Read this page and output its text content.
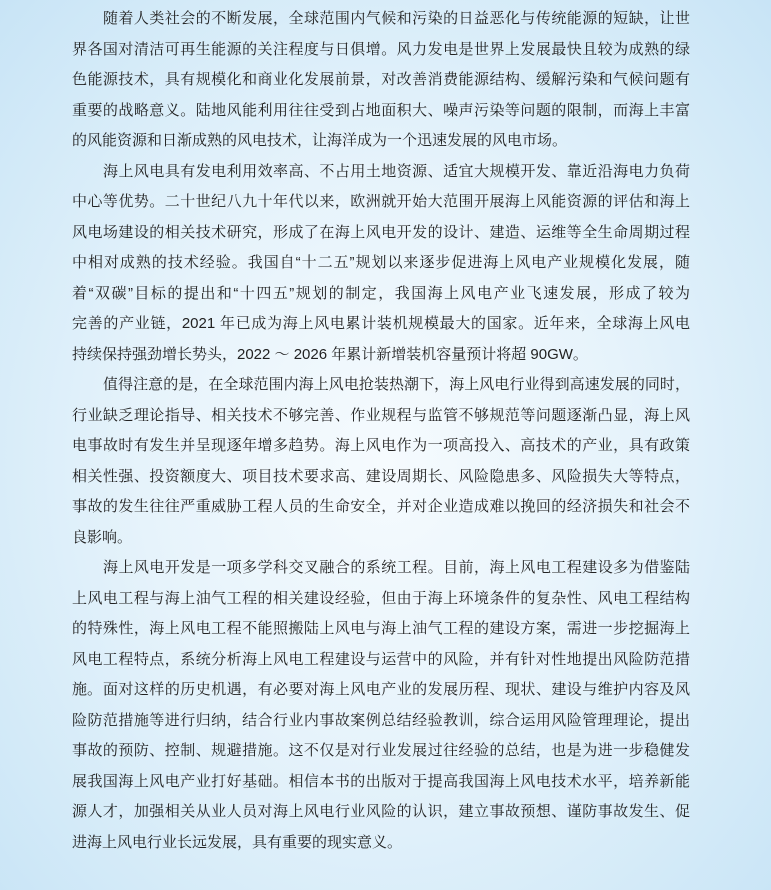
随着人类社会的不断发展，全球范围内气候和污染的日益恶化与传统能源的短缺，让世
界各国对清洁可再生能源的关注程度与日俱增。风力发电是世界上发展最快且较为成熟的绿
色能源技术，具有规模化和商业化发展前景，对改善消费能源结构、缓解污染和气候问题有
重要的战略意义。陆地风能利用往往受到占地面积大、噪声污染等问题的限制，而海上丰富
的风能资源和日渐成熟的风电技术，让海洋成为一个迅速发展的风电市场。
海上风电具有发电利用效率高、不占用土地资源、适宜大规模开发、靠近沿海电力负荷
中心等优势。二十世纪八九十年代以来，欧洲就开始大范围开展海上风能资源的评估和海上
风电场建设的相关技术研究，形成了在海上风电开发的设计、建造、运维等全生命周期过程
中相对成熟的技术经验。我国自“十二五”规划以来逐步促进海上风电产业规模化发展，随
着“双碳”目标的提出和“十四五”规划的制定，我国海上风电产业飞速发展，形成了较为
完善的产业链，2021 年已成为海上风电累计装机规模最大的国家。近年来，全球海上风电
持续保持强劲增长势头，2022 ～ 2026 年累计新增装机容量预计将超 90GW。
值得注意的是，在全球范围内海上风电抢装热潮下，海上风电行业得到高速发展的同时，
行业缺乏理论指导、相关技术不够完善、作业规程与监管不够规范等问题逐渐凸显，海上风
电事故时有发生并呈现逐年增多趋势。海上风电作为一项高投入、高技术的产业，具有政策
相关性强、投资额度大、项目技术要求高、建设周期长、风险隐患多、风险损失大等特点，
事故的发生往往严重威胁工程人员的生命安全，并对企业造成难以挽回的经济损失和社会不
良影响。
海上风电开发是一项多学科交叉融合的系统工程。目前，海上风电工程建设多为借鉴陆
上风电工程与海上油气工程的相关建设经验，但由于海上环境条件的复杂性、风电工程结构
的特殊性，海上风电工程不能照搬陆上风电与海上油气工程的建设方案，需进一步挖掘海上
风电工程特点，系统分析海上风电工程建设与运营中的风险，并有针对性地提出风险防范措施。 面对这样的历史机遇，有必要对海上风电产业的发展历程、现状、建设与维护内容及风
险防范措施等进行归纳，结合行业内事故案例总结经验教训，综合运用风险管理理论，提出
事故的预防、控制、规避措施。这不仅是对行业发展过往经验的总结，也是为进一步稳健发
展我国海上风电产业打好基础。相信本书的出版对于提高我国海上风电技术水平，培养新能
源人才，加强相关从业人员对海上风电行业风险的认识，建立事故预想、谨防事故发生、促
进海上风电行业长远发展，具有重要的现实意义。
